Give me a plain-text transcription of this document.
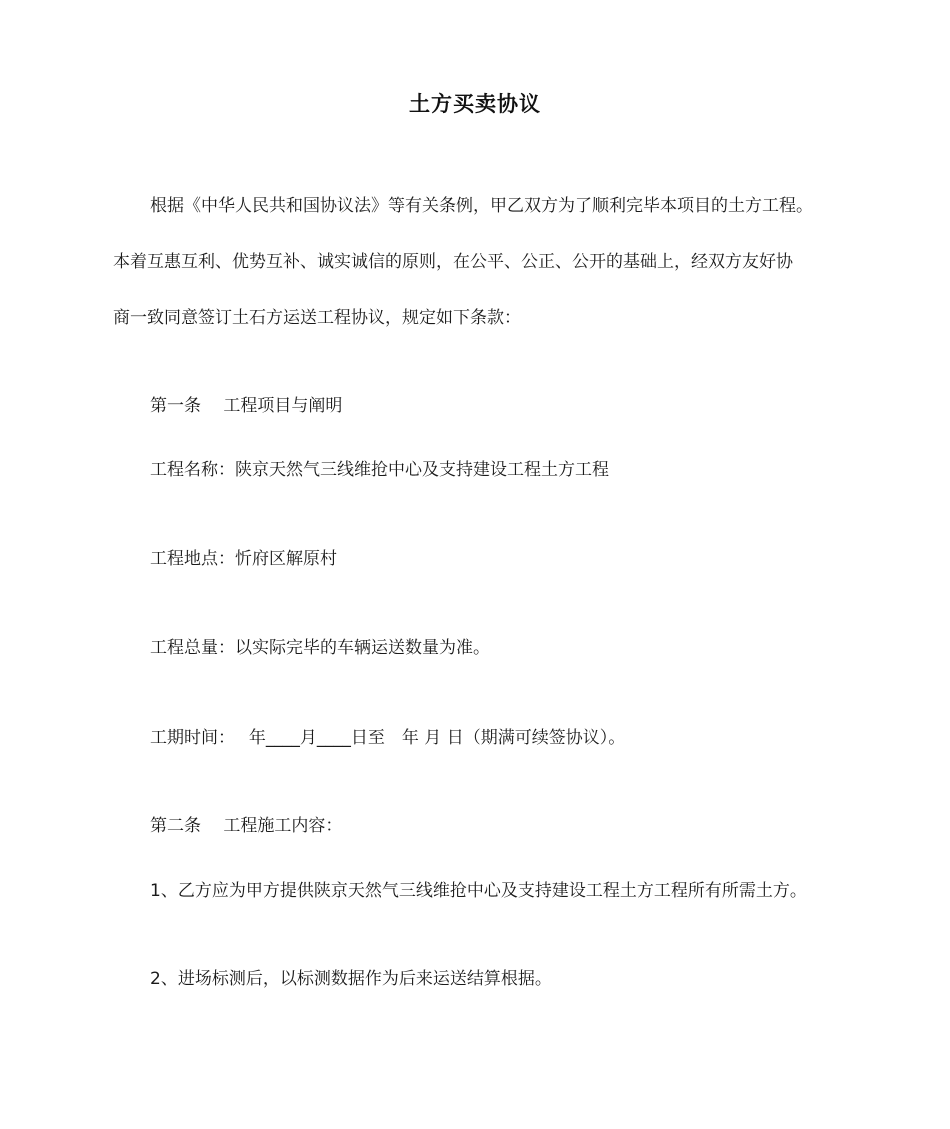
土方买卖协议
根据《中华人民共和国协议法》等有关条例，甲乙双方为了顺利完毕本项目的土方工程。
本着互惠互利、优势互补、诚实诚信的原则，在公平、公正、公开的基础上，经双方友好协
商一致同意签订土石方运送工程协议，规定如下条款：
第一条　 工程项目与阐明
工程名称：陕京天然气三线维抢中心及支持建设工程土方工程
工程地点：忻府区解原村
工程总量：以实际完毕的车辆运送数量为准。
工期时间：　 年____月____日至　年 月 日（期满可续签协议）。
第二条　 工程施工内容：
1、乙方应为甲方提供陕京天然气三线维抢中心及支持建设工程土方工程所有所需土方。
2、进场标测后，以标测数据作为后来运送结算根据。
